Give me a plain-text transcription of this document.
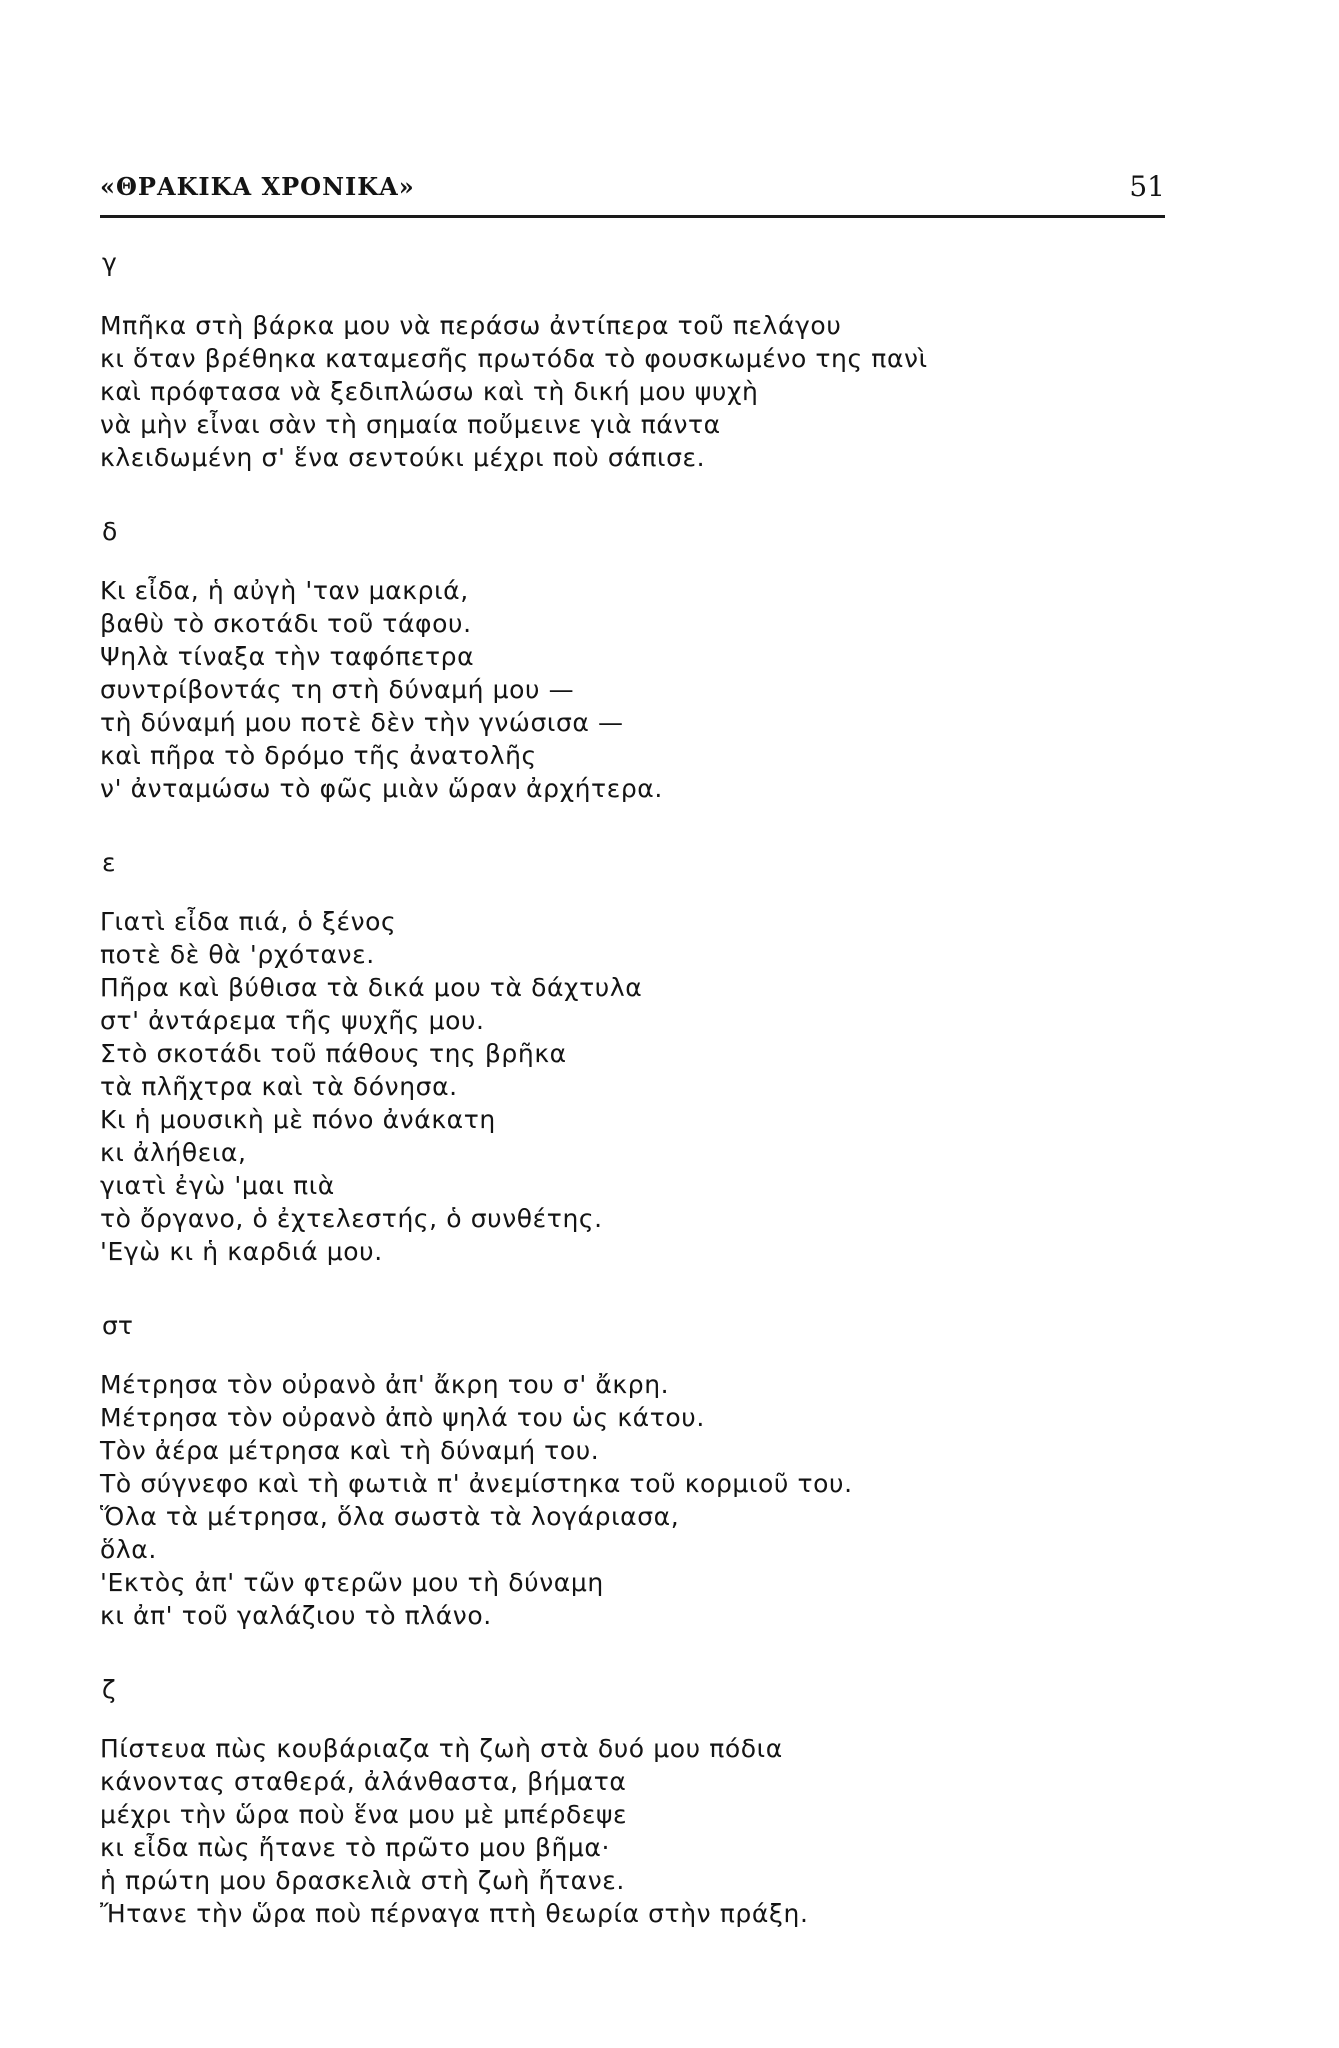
«ΘΡΑΚΙΚΑ ΧΡΟΝΙΚΑ»	51
γ
Μπῆκα στὴ βάρκα μου νὰ περάσω ἀντίπερα τοῦ πελάγου
κι ὅταν βρέθηκα καταμεσῆς πρωτόδα τὸ φουσκωμένο της πανὶ
καὶ πρόφτασα νὰ ξεδιπλώσω καὶ τὴ δική μου ψυχὴ
νὰ μὴν εἶναι σὰν τὴ σημαία ποὔμεινε γιὰ πάντα
κλειδωμένη σ' ἕνα σεντούκι μέχρι ποὺ σάπισε.
δ
Κι εἶδα, ἡ αὐγὴ 'ταν μακριά,
βαθὺ τὸ σκοτάδι τοῦ τάφου.
Ψηλὰ τίναξα τὴν ταφόπετρα
συντρίβοντάς τη στὴ δύναμή μου —
τὴ δύναμή μου ποτὲ δὲν τὴν γνώσισα —
καὶ πῆρα τὸ δρόμο τῆς ἀνατολῆς
ν' ἀνταμώσω τὸ φῶς μιὰν ὥραν ἀρχήτερα.
ε
Γιατὶ εἶδα πιά, ὁ ξένος
ποτὲ δὲ θὰ 'ρχότανε.
Πῆρα καὶ βύθισα τὰ δικά μου τὰ δάχτυλα
στ' ἀντάρεμα τῆς ψυχῆς μου.
Στὸ σκοτάδι τοῦ πάθους της βρῆκα
τὰ πλῆχτρα καὶ τὰ δόνησα.
Κι ἡ μουσικὴ μὲ πόνο ἀνάκατη
κι ἀλήθεια,
γιατὶ ἐγὼ 'μαι πιὰ
τὸ ὄργανο, ὁ ἐχτελεστής, ὁ συνθέτης.
'Εγὼ κι ἡ καρδιά μου.
στ
Μέτρησα τὸν οὐρανὸ ἀπ' ἄκρη του σ' ἄκρη.
Μέτρησα τὸν οὐρανὸ ἀπὸ ψηλά του ὡς κάτου.
Τὸν ἀέρα μέτρησα καὶ τὴ δύναμή του.
Τὸ σύγνεφο καὶ τὴ φωτιὰ π' ἀνεμίστηκα τοῦ κορμιοῦ του.
Ὅλα τὰ μέτρησα, ὅλα σωστὰ τὰ λογάριασα,
ὅλα.
'Εκτὸς ἀπ' τῶν φτερῶν μου τὴ δύναμη
κι ἀπ' τοῦ γαλάζιου τὸ πλάνο.
ζ
Πίστευα πὼς κουβάριαζα τὴ ζωὴ στὰ δυό μου πόδια
κάνοντας σταθερά, ἀλάνθαστα, βήματα
μέχρι τὴν ὥρα ποὺ ἕνα μου μὲ μπέρδεψε
κι εἶδα πὼς ἤτανε τὸ πρῶτο μου βῆμα·
ἡ πρώτη μου δρασκελιὰ στὴ ζωὴ ἤτανε.
Ἤτανε τὴν ὥρα ποὺ πέρναγα πτὴ θεωρία στὴν πράξη.
